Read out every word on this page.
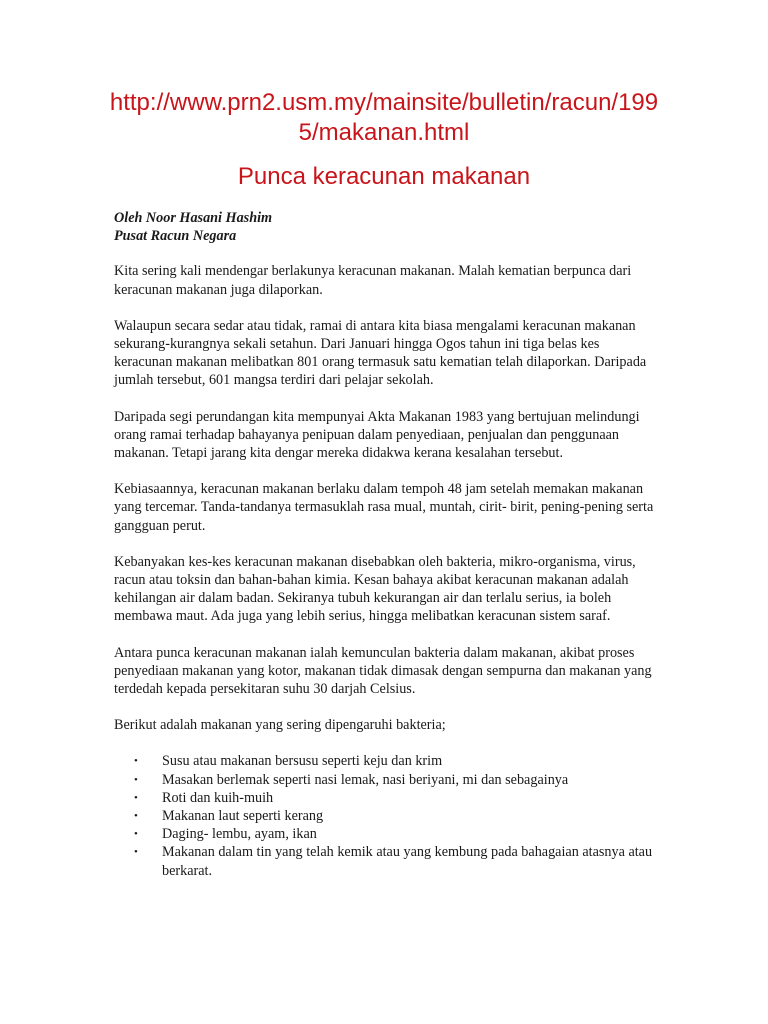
http://www.prn2.usm.my/mainsite/bulletin/racun/1995/makanan.html

Punca keracunan makanan
Oleh Noor Hasani Hashim
Pusat Racun Negara

Kita sering kali mendengar berlakunya keracunan makanan. Malah kematian berpunca dari keracunan makanan juga dilaporkan.

Walaupun secara sedar atau tidak, ramai di antara kita biasa mengalami keracunan makanan sekurang-kurangnya sekali setahun. Dari Januari hingga Ogos tahun ini tiga belas kes keracunan makanan melibatkan 801 orang termasuk satu kematian telah dilaporkan. Daripada jumlah tersebut, 601 mangsa terdiri dari pelajar sekolah.

Daripada segi perundangan kita mempunyai Akta Makanan 1983 yang bertujuan melindungi orang ramai terhadap bahayanya penipuan dalam penyediaan, penjualan dan penggunaan makanan. Tetapi jarang kita dengar mereka didakwa kerana kesalahan tersebut.

Kebiasaannya, keracunan makanan berlaku dalam tempoh 48 jam setelah memakan makanan yang tercemar. Tanda-tandanya termasuklah rasa mual, muntah, cirit- birit, pening-pening serta gangguan perut.

Kebanyakan kes-kes keracunan makanan disebabkan oleh bakteria, mikro-organisma, virus, racun atau toksin dan bahan-bahan kimia. Kesan bahaya akibat keracunan makanan adalah kehilangan air dalam badan. Sekiranya tubuh kekurangan air dan terlalu serius, ia boleh membawa maut. Ada juga yang lebih serius, hingga melibatkan keracunan sistem saraf.

Antara punca keracunan makanan ialah kemunculan bakteria dalam makanan, akibat proses penyediaan makanan yang kotor, makanan tidak dimasak dengan sempurna dan makanan yang terdedah kepada persekitaran suhu 30 darjah Celsius.

Berikut adalah makanan yang sering dipengaruhi bakteria;

•	Susu atau makanan bersusu seperti keju dan krim
•	Masakan berlemak seperti nasi lemak, nasi beriyani, mi dan sebagainya
•	Roti dan kuih-muih
•	Makanan laut seperti kerang
•	Daging- lembu, ayam, ikan
•	Makanan dalam tin yang telah kemik atau yang kembung pada bahagaian atasnya atau berkarat.
